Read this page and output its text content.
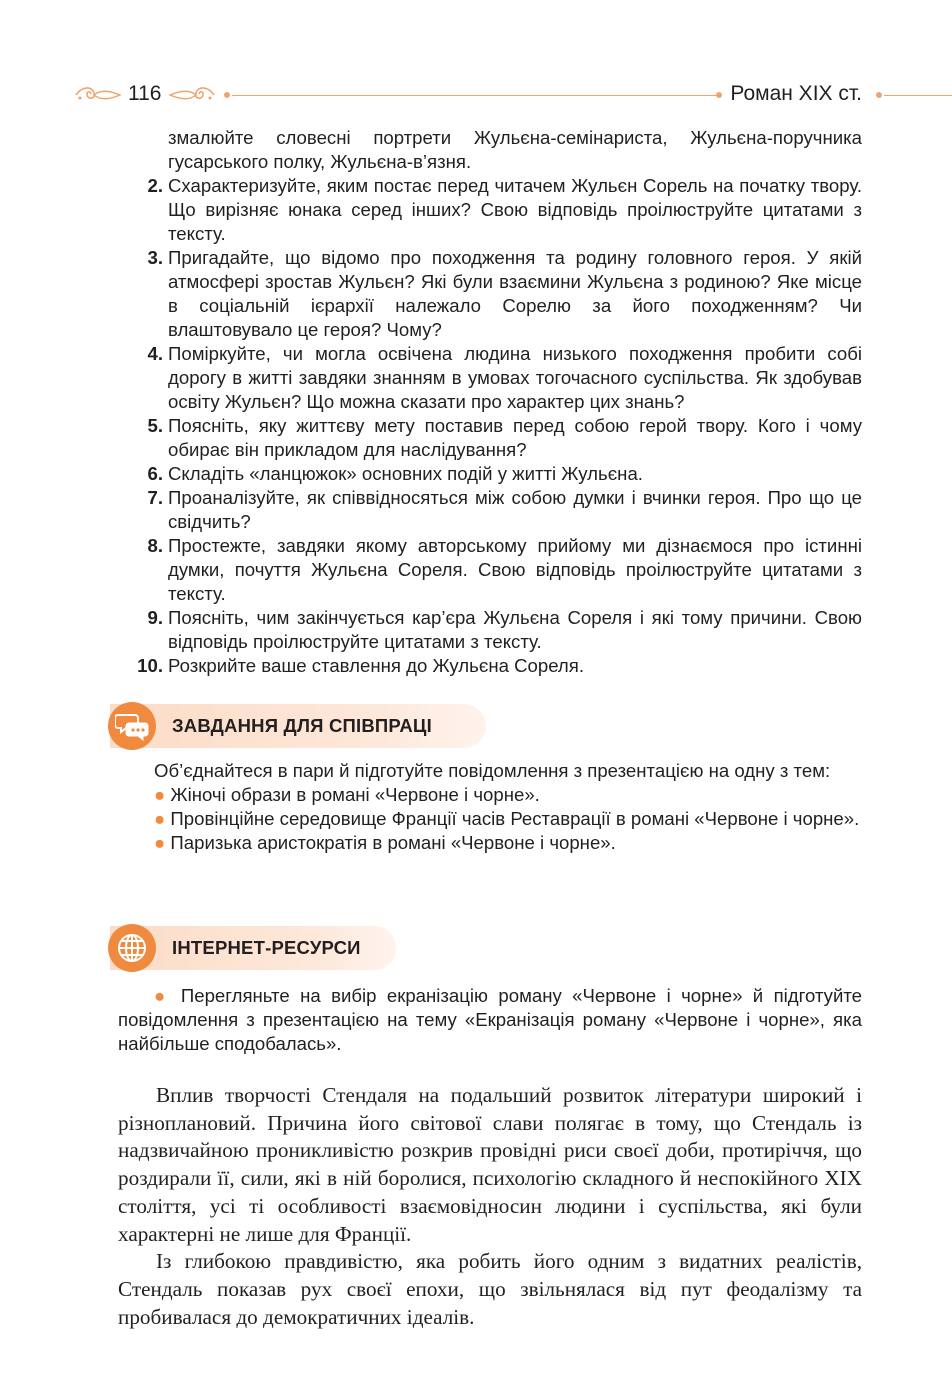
116	Роман XIX ст.
змалюйте словесні портрети Жульєна-семінариста, Жульєна-поручника гусарського полку, Жульєна-в’язня.
2. Схарактеризуйте, яким постає перед читачем Жульєн Сорель на початку твору. Що вирізняє юнака серед інших? Свою відповідь проілюструйте цитатами з тексту.
3. Пригадайте, що відомо про походження та родину головного героя. У якій атмосфері зростав Жульєн? Які були взаємини Жульєна з родиною? Яке місце в соціальній ієрархії належало Сорелю за його походженням? Чи влаштовувало це героя? Чому?
4. Поміркуйте, чи могла освічена людина низького походження пробити собі дорогу в житті завдяки знанням в умовах тогочасного суспільства. Як здобував освіту Жульєн? Що можна сказати про характер цих знань?
5. Поясніть, яку життєву мету поставив перед собою герой твору. Кого і чому обирає він прикладом для наслідування?
6. Складіть «ланцюжок» основних подій у житті Жульєна.
7. Проаналізуйте, як співвідносяться між собою думки і вчинки героя. Про що це свідчить?
8. Простежте, завдяки якому авторському прийому ми дізнаємося про істинні думки, почуття Жульєна Сореля. Свою відповідь проілюструйте цитатами з тексту.
9. Поясніть, чим закінчується кар’єра Жульєна Сореля і які тому причини. Свою відповідь проілюструйте цитатами з тексту.
10. Розкрийте ваше ставлення до Жульєна Сореля.
ЗАВДАННЯ ДЛЯ СПІВПРАЦІ
Об’єднайтеся в пари й підготуйте повідомлення з презентацією на одну з тем:
● Жіночі образи в романі «Червоне і чорне».
● Провінційне середовище Франції часів Реставрації в романі «Червоне і чорне».
● Паризька аристократія в романі «Червоне і чорне».
ІНТЕРНЕТ-РЕСУРСИ
● Перегляньте на вибір екранізацію роману «Червоне і чорне» й підготуйте повідомлення з презентацією на тему «Екранізація роману «Червоне і чорне», яка найбільше сподобалась».

Вплив творчості Стендаля на подальший розвиток літератури широкий і різноплановий. Причина його світової слави полягає в тому, що Стендаль із надзвичайною проникливістю розкрив провідні риси своєї доби, протиріччя, що роздирали її, сили, які в ній боролися, психологію складного й неспокійного XIX століття, усі ті особливості взаємовідносин людини і суспільства, які були характерні не лише для Франції.

Із глибокою правдивістю, яка робить його одним з видатних реалістів, Стендаль показав рух своєї епохи, що звільнялася від пут феодалізму та пробивалася до демократичних ідеалів.
